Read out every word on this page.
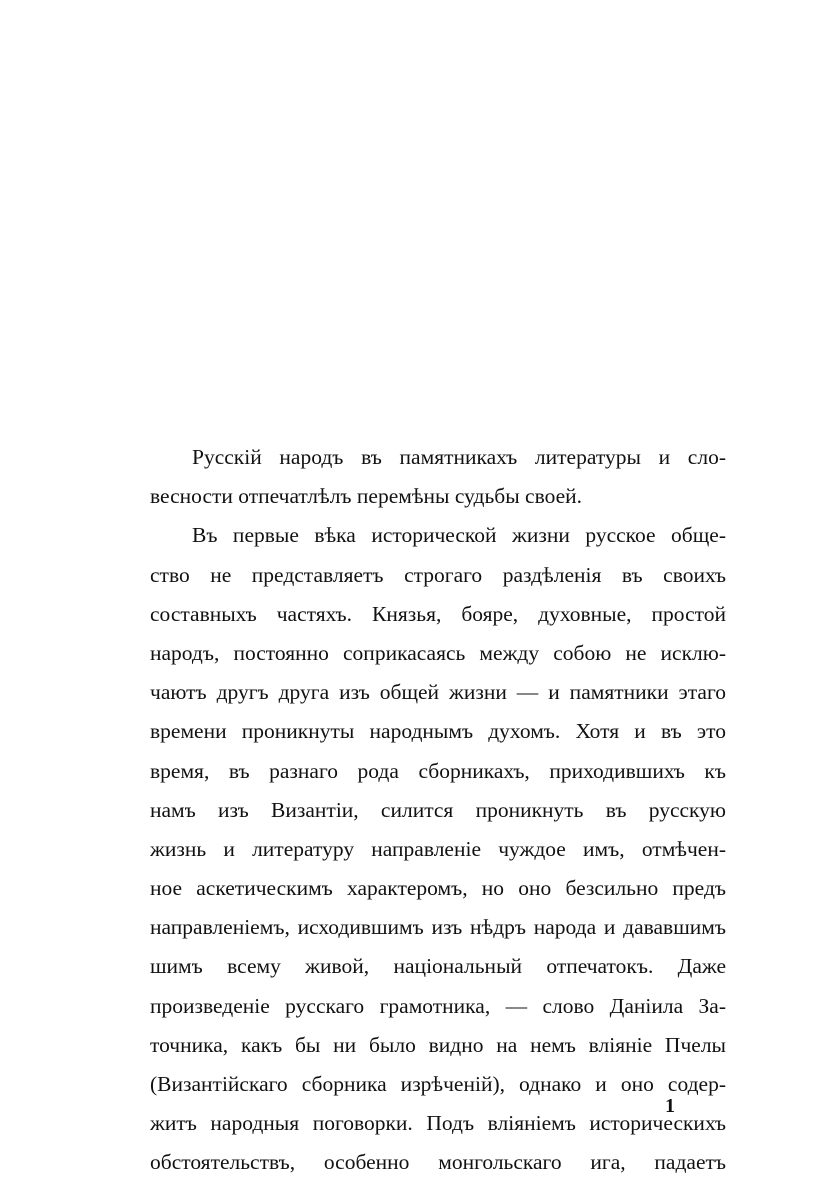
Русскій народъ въ памятникахъ литературы и сло-
весности отпечатлѣлъ перемѣны судьбы своей.
Въ первые вѣка исторической жизни русское обще-
ство не представляетъ строгаго раздѣленія въ своихъ
составныхъ частяхъ. Князья, бояре, духовные, простой
народъ, постоянно соприкасаясь между собою не исклю-
чаютъ другъ друга изъ общей жизни — и памятники этаго
времени проникнуты народнымъ духомъ. Хотя и въ это
время, въ разнаго рода сборникахъ, приходившихъ къ
намъ изъ Византіи, силится проникнуть въ русскую
жизнь и литературу направленіе чуждое имъ, отмѣчен-
ное аскетическимъ характеромъ, но оно безсильно предъ
направленіемъ, исходившимъ изъ нѣдръ народа и дававшимъ
шимъ всему живой, національный отпечатокъ. Даже
произведеніе русскаго грамотника, — слово Даніила За-
точника, какъ бы ни было видно на немъ вліяніе Пчелы
(Византійскаго сборника изрѣченій), однако и оно содер-
житъ народныя поговорки. Подъ вліяніемъ историческихъ
обстоятельствъ, особенно монгольскаго ига, падаетъ
1
